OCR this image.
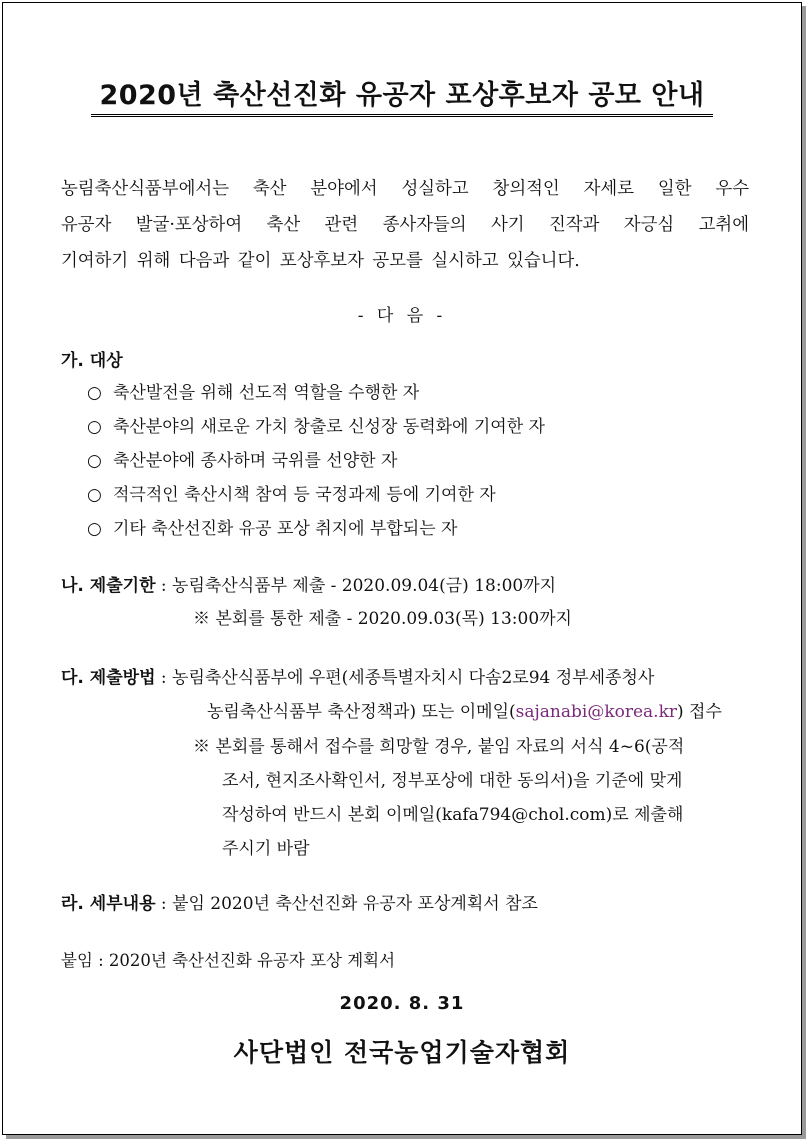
2020년 축산선진화 유공자 포상후보자 공모 안내
농림축산식품부에서는 축산 분야에서 성실하고 창의적인 자세로 일한 우수
유공자 발굴·포상하여 축산 관련 종사자들의 사기 진작과 자긍심 고취에
기여하기 위해 다음과 같이 포상후보자 공모를 실시하고 있습니다.
- 다 음 -
가. 대상
○ 축산발전을 위해 선도적 역할을 수행한 자
○ 축산분야의 새로운 가치 창출로 신성장 동력화에 기여한 자
○ 축산분야에 종사하며 국위를 선양한 자
○ 적극적인 축산시책 참여 등 국정과제 등에 기여한 자
○ 기타 축산선진화 유공 포상 취지에 부합되는 자
나. 제출기한 : 농림축산식품부 제출 - 2020.09.04(금) 18:00까지
※ 본회를 통한 제출 - 2020.09.03(목) 13:00까지
다. 제출방법 : 농림축산식품부에 우편(세종특별자치시 다솜2로94 정부세종청사
농림축산식품부 축산정책과) 또는 이메일(sajanabi@korea.kr) 접수
※ 본회를 통해서 접수를 희망할 경우, 붙임 자료의 서식 4~6(공적
조서, 현지조사확인서, 정부포상에 대한 동의서)을 기준에 맞게
작성하여 반드시 본회 이메일(kafa794@chol.com)로 제출해
주시기 바람
라. 세부내용 : 붙임 2020년 축산선진화 유공자 포상계획서 참조
붙임 : 2020년 축산선진화 유공자 포상 계획서
2020. 8. 31
사단법인 전국농업기술자협회
